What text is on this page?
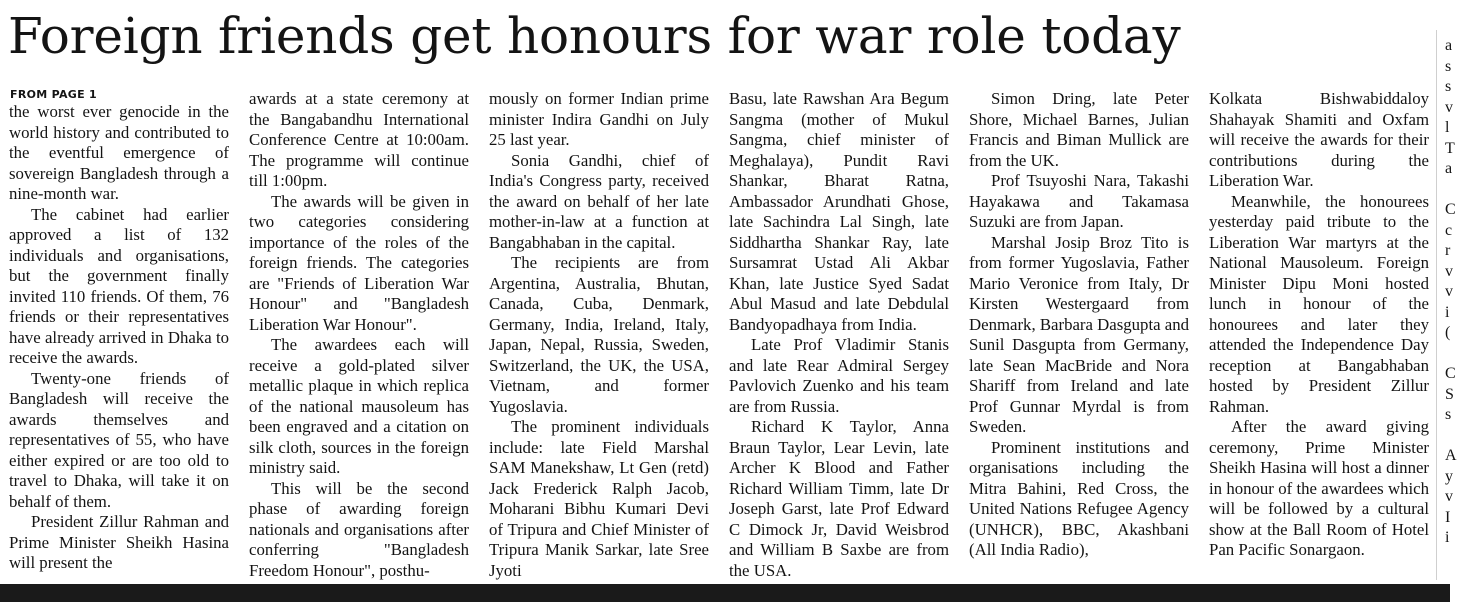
Foreign friends get honours for war role today
FROM PAGE 1

the worst ever genocide in the world history and contributed to the eventful emergence of sovereign Bangladesh through a nine-month war.

The cabinet had earlier approved a list of 132 individuals and organisations, but the government finally invited 110 friends. Of them, 76 friends or their representatives have already arrived in Dhaka to receive the awards.

Twenty-one friends of Bangladesh will receive the awards themselves and representatives of 55, who have either expired or are too old to travel to Dhaka, will take it on behalf of them.

President Zillur Rahman and Prime Minister Sheikh Hasina will present the

awards at a state ceremony at the Bangabandhu International Conference Centre at 10:00am. The programme will continue till 1:00pm.

The awards will be given in two categories considering importance of the roles of the foreign friends. The categories are "Friends of Liberation War Honour" and "Bangladesh Liberation War Honour".

The awardees each will receive a gold-plated silver metallic plaque in which replica of the national mausoleum has been engraved and a citation on silk cloth, sources in the foreign ministry said.

This will be the second phase of awarding foreign nationals and organisations after conferring "Bangladesh Freedom Honour", posthu-

mously on former Indian prime minister Indira Gandhi on July 25 last year.

Sonia Gandhi, chief of India's Congress party, received the award on behalf of her late mother-in-law at a function at Bangabhaban in the capital.

The recipients are from Argentina, Australia, Bhutan, Canada, Cuba, Denmark, Germany, India, Ireland, Italy, Japan, Nepal, Russia, Sweden, Switzerland, the UK, the USA, Vietnam, and former Yugoslavia.

The prominent individuals include: late Field Marshal SAM Manekshaw, Lt Gen (retd) Jack Frederick Ralph Jacob, Moharani Bibhu Kumari Devi of Tripura and Chief Minister of Tripura Manik Sarkar, late Sree Jyoti

Basu, late Rawshan Ara Begum Sangma (mother of Mukul Sangma, chief minister of Meghalaya), Pundit Ravi Shankar, Bharat Ratna, Ambassador Arundhati Ghose, late Sachindra Lal Singh, late Siddhartha Shankar Ray, late Sursamrat Ustad Ali Akbar Khan, late Justice Syed Sadat Abul Masud and late Debdulal Bandyopadhaya from India.

Late Prof Vladimir Stanis and late Rear Admiral Sergey Pavlovich Zuenko and his team are from Russia.

Richard K Taylor, Anna Braun Taylor, Lear Levin, late Archer K Blood and Father Richard William Timm, late Dr Joseph Garst, late Prof Edward C Dimock Jr, David Weisbrod and William B Saxbe are from the USA.

Simon Dring, late Peter Shore, Michael Barnes, Julian Francis and Biman Mullick are from the UK.

Prof Tsuyoshi Nara, Takashi Hayakawa and Takamasa Suzuki are from Japan.

Marshal Josip Broz Tito is from former Yugoslavia, Father Mario Veronice from Italy, Dr Kirsten Westergaard from Denmark, Barbara Dasgupta and Sunil Dasgupta from Germany, late Sean MacBride and Nora Shariff from Ireland and late Prof Gunnar Myrdal is from Sweden.

Prominent institutions and organisations including the Mitra Bahini, Red Cross, the United Nations Refugee Agency (UNHCR), BBC, Akashbani (All India Radio),

Kolkata Bishwabiddaloy Shahayak Shamiti and Oxfam will receive the awards for their contributions during the Liberation War.

Meanwhile, the honourees yesterday paid tribute to the Liberation War martyrs at the National Mausoleum. Foreign Minister Dipu Moni hosted lunch in honour of the honourees and later they attended the Independence Day reception at Bangabhaban hosted by President Zillur Rahman.

After the award giving ceremony, Prime Minister Sheikh Hasina will host a dinner in honour of the awardees which will be followed by a cultural show at the Ball Room of Hotel Pan Pacific Sonargaon.

a
s
s
v
l
T
a
C
c
r
v
v
i
(
C
S
s
A
y
v
I
i
